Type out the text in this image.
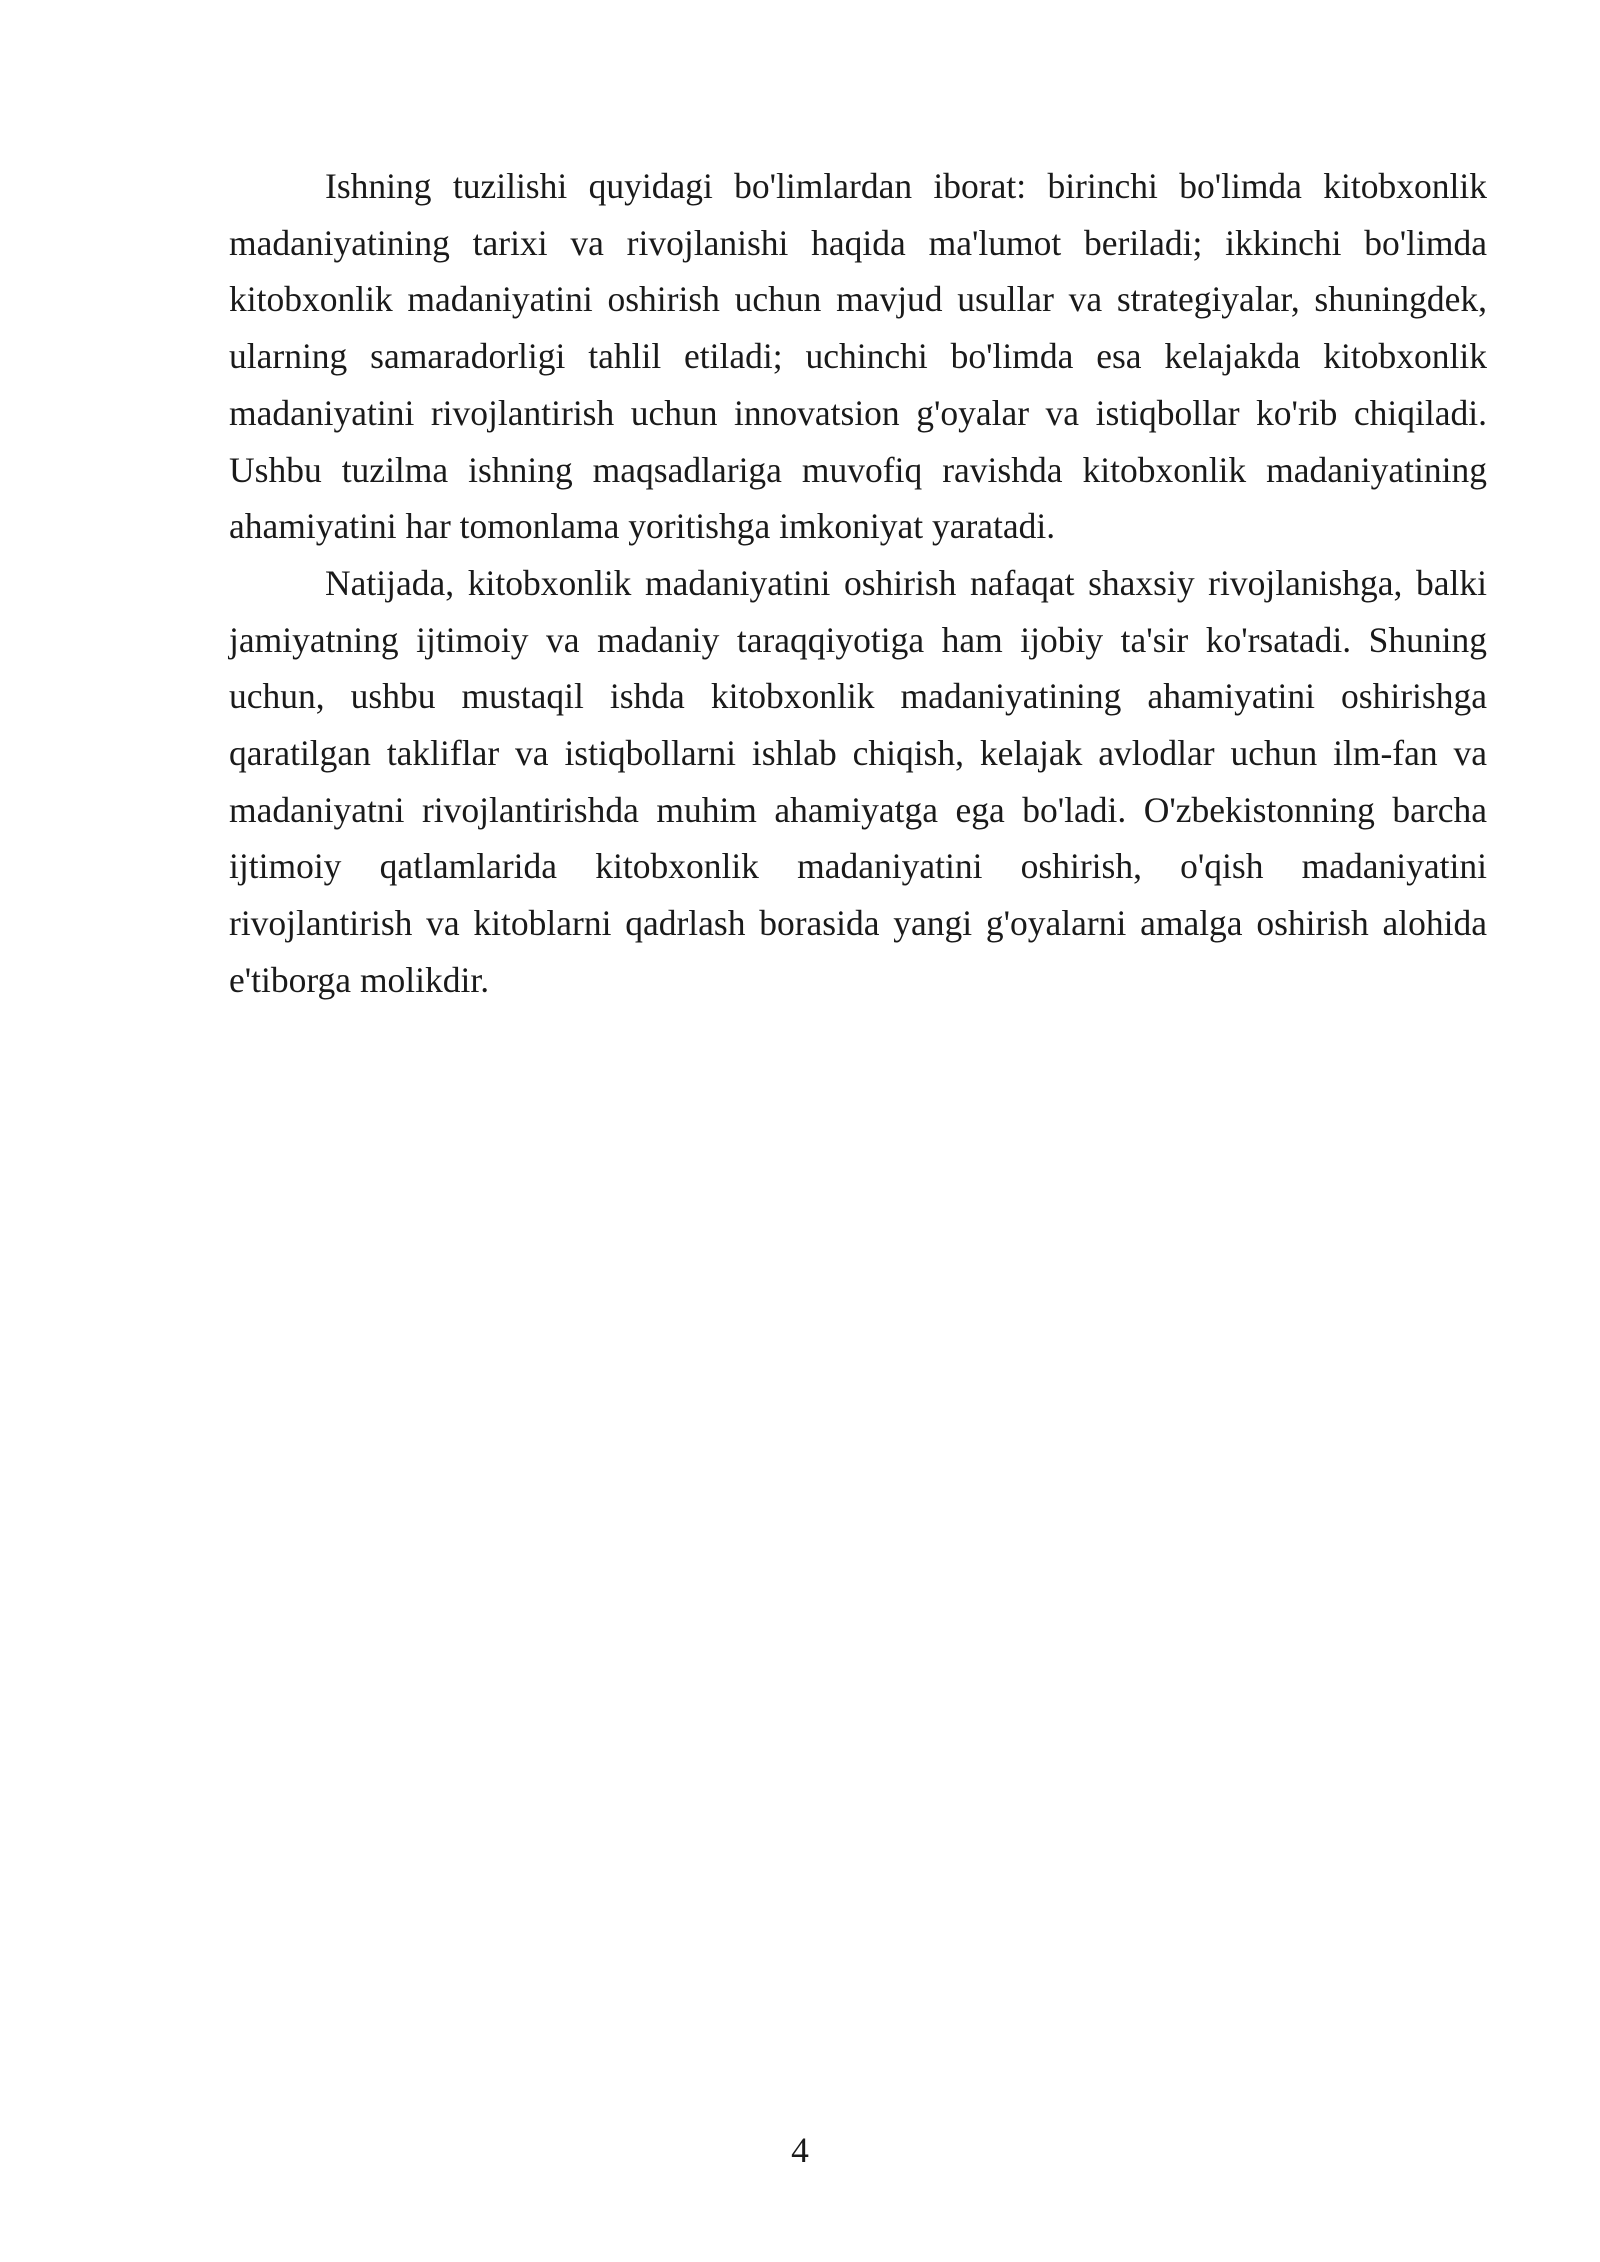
Ishning tuzilishi quyidagi bo'limlardan iborat: birinchi bo'limda kitobxonlik madaniyatining tarixi va rivojlanishi haqida ma'lumot beriladi; ikkinchi bo'limda kitobxonlik madaniyatini oshirish uchun mavjud usullar va strategiyalar, shuningdek, ularning samaradorligi tahlil etiladi; uchinchi bo'limda esa kelajakda kitobxonlik madaniyatini rivojlantirish uchun innovatsion g'oyalar va istiqbollar ko'rib chiqiladi. Ushbu tuzilma ishning maqsadlariga muvofiq ravishda kitobxonlik madaniyatining ahamiyatini har tomonlama yoritishga imkoniyat yaratadi.

Natijada, kitobxonlik madaniyatini oshirish nafaqat shaxsiy rivojlanishga, balki jamiyatning ijtimoiy va madaniy taraqqiyotiga ham ijobiy ta'sir ko'rsatadi. Shuning uchun, ushbu mustaqil ishda kitobxonlik madaniyatining ahamiyatini oshirishga qaratilgan takliflar va istiqbollarni ishlab chiqish, kelajak avlodlar uchun ilm-fan va madaniyatni rivojlantirishda muhim ahamiyatga ega bo'ladi. O'zbekistonning barcha ijtimoiy qatlamlarida kitobxonlik madaniyatini oshirish, o'qish madaniyatini rivojlantirish va kitoblarni qadrlash borasida yangi g'oyalarni amalga oshirish alohida e'tiborga molikdir.

4
